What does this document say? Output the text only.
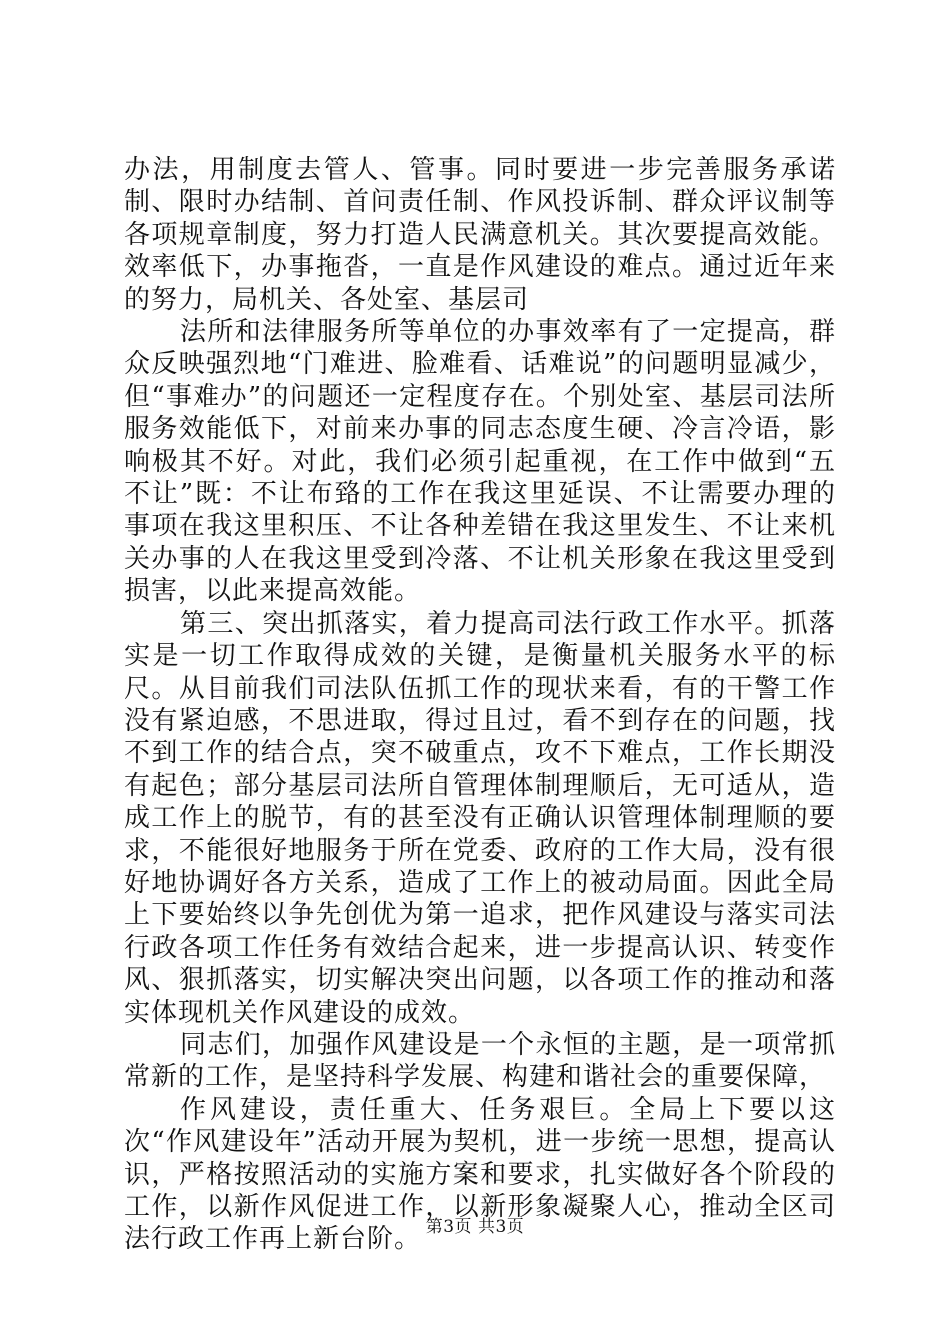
办法，用制度去管人、管事。同时要进一步完善服务承诺制、限时办结制、首问责任制、作风投诉制、群众评议制等各项规章制度，努力打造人民满意机关。其次要提高效能。效率低下，办事拖沓，一直是作风建设的难点。通过近年来的努力，局机关、各处室、基层司

法所和法律服务所等单位的办事效率有了一定提高，群众反映强烈地“门难进、脸难看、话难说”的问题明显减少，但“事难办”的问题还一定程度存在。个别处室、基层司法所服务效能低下，对前来办事的同志态度生硬、冷言冷语，影响极其不好。对此，我们必须引起重视，在工作中做到“五不让”既：不让布臵的工作在我这里延误、不让需要办理的事项在我这里积压、不让各种差错在我这里发生、不让来机关办事的人在我这里受到冷落、不让机关形象在我这里受到损害，以此来提高效能。

第三、突出抓落实，着力提高司法行政工作水平。抓落实是一切工作取得成效的关键，是衡量机关服务水平的标尺。从目前我们司法队伍抓工作的现状来看，有的干警工作没有紧迫感，不思进取，得过且过，看不到存在的问题，找不到工作的结合点，突不破重点，攻不下难点，工作长期没有起色；部分基层司法所自管理体制理顺后，无可适从，造成工作上的脱节，有的甚至没有正确认识管理体制理顺的要求，不能很好地服务于所在党委、政府的工作大局，没有很好地协调好各方关系，造成了工作上的被动局面。因此全局上下要始终以争先创优为第一追求，把作风建设与落实司法行政各项工作任务有效结合起来，进一步提高认识、转变作风、狠抓落实，切实解决突出问题，以各项工作的推动和落实体现机关作风建设的成效。

同志们，加强作风建设是一个永恒的主题，是一项常抓常新的工作，是坚持科学发展、构建和谐社会的重要保障，

作风建设，责任重大、任务艰巨。全局上下要以这次“作风建设年”活动开展为契机，进一步统一思想，提高认识，严格按照活动的实施方案和要求，扎实做好各个阶段的工作，以新作风促进工作，以新形象凝聚人心，推动全区司法行政工作再上新台阶。 第3页 共3页
